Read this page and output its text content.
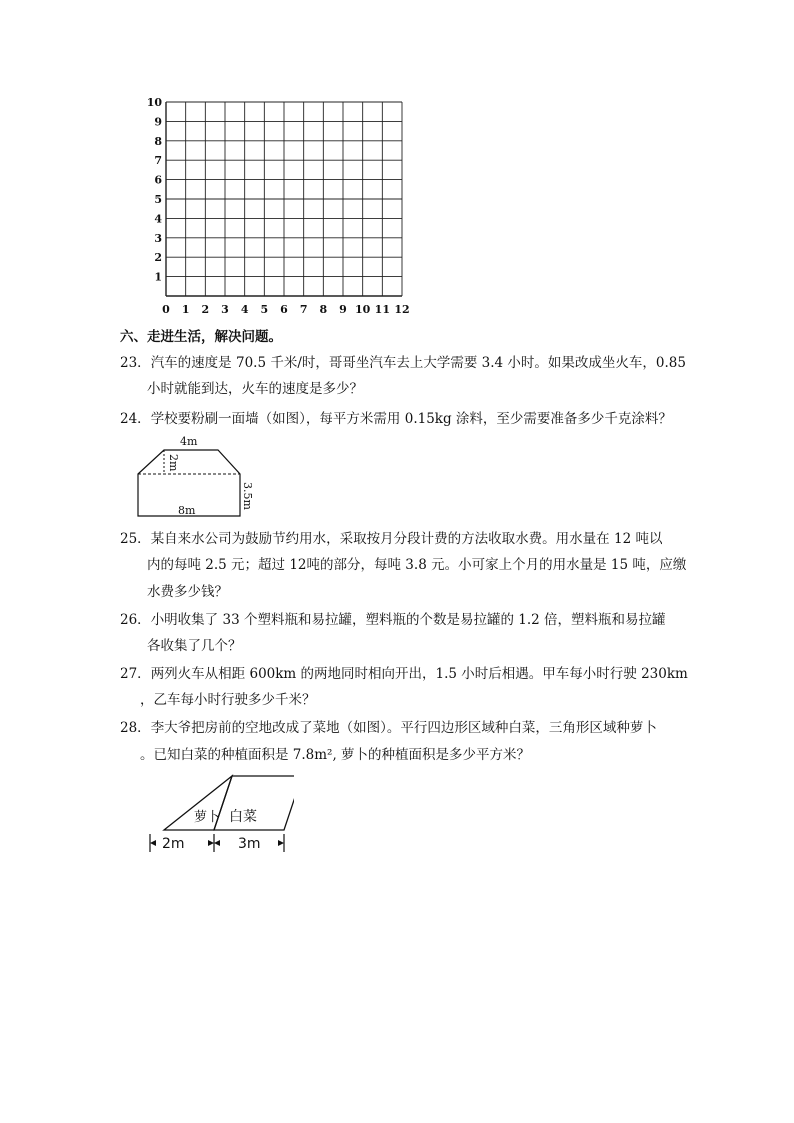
10
9
8
7
6
5
4
3
2
1
0 1 2 3 4 5 6 7 8 9 10 11 12
六、走进生活，解决问题。
23．汽车的速度是 70.5 千米/时，哥哥坐汽车去上大学需要 3.4 小时。如果改成坐火车，0.85
小时就能到达，火车的速度是多少？
24．学校要粉刷一面墙（如图），每平方米需用 0.15kg 涂料，至少需要准备多少千克涂料？
4m
2m
8m
3.5m
25．某自来水公司为鼓励节约用水，采取按月分段计费的方法收取水费。用水量在 12 吨以
内的每吨 2.5 元；超过 12吨的部分，每吨 3.8 元。小可家上个月的用水量是 15 吨，应缴
水费多少钱？
26．小明收集了 33 个塑料瓶和易拉罐，塑料瓶的个数是易拉罐的 1.2 倍，塑料瓶和易拉罐
各收集了几个？
27．两列火车从相距 600km 的两地同时相向开出，1.5 小时后相遇。甲车每小时行驶 230km
，乙车每小时行驶多少千米？
28．李大爷把房前的空地改成了菜地（如图）。平行四边形区域种白菜，三角形区域种萝卜
。已知白菜的种植面积是 7.8m², 萝卜的种植面积是多少平方米？
萝卜 白菜
2m	3m
